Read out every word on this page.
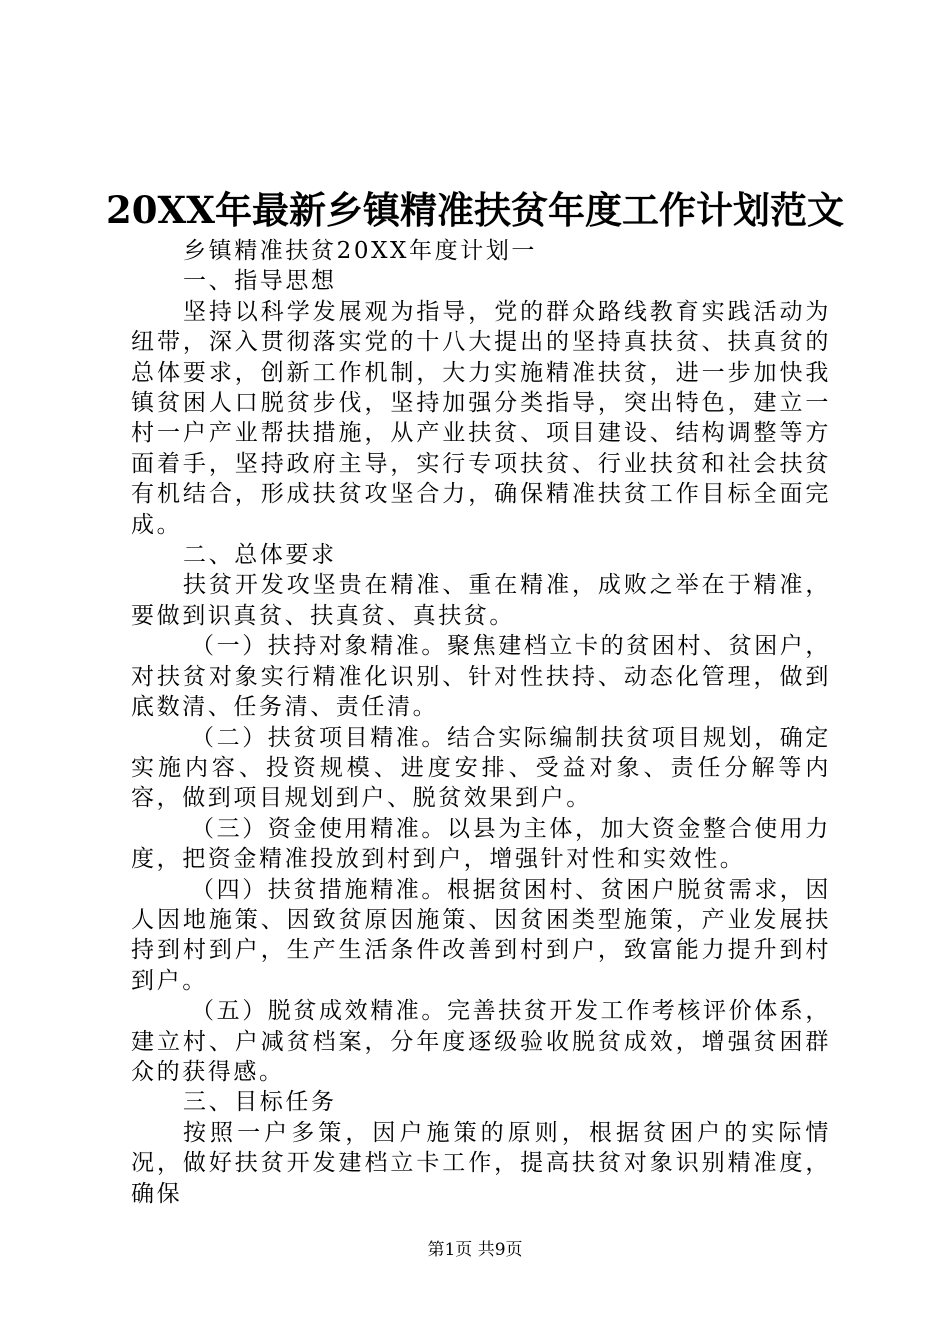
20XX年最新乡镇精准扶贫年度工作计划范文

乡镇精准扶贫20XX年度计划一

一、指导思想

坚持以科学发展观为指导，党的群众路线教育实践活动为纽带，深入贯彻落实党的十八大提出的坚持真扶贫、扶真贫的总体要求，创新工作机制，大力实施精准扶贫，进一步加快我镇贫困人口脱贫步伐，坚持加强分类指导，突出特色，建立一村一户产业帮扶措施，从产业扶贫、项目建设、结构调整等方面着手，坚持政府主导，实行专项扶贫、行业扶贫和社会扶贫有机结合，形成扶贫攻坚合力，确保精准扶贫工作目标全面完成。

二、总体要求

扶贫开发攻坚贵在精准、重在精准，成败之举在于精准，要做到识真贫、扶真贫、真扶贫。

（一）扶持对象精准。聚焦建档立卡的贫困村、贫困户，对扶贫对象实行精准化识别、针对性扶持、动态化管理，做到底数清、任务清、责任清。

（二）扶贫项目精准。结合实际编制扶贫项目规划，确定实施内容、投资规模、进度安排、受益对象、责任分解等内容，做到项目规划到户、脱贫效果到户。

（三）资金使用精准。以县为主体，加大资金整合使用力度，把资金精准投放到村到户，增强针对性和实效性。

（四）扶贫措施精准。根据贫困村、贫困户脱贫需求，因人因地施策、因致贫原因施策、因贫困类型施策，产业发展扶持到村到户，生产生活条件改善到村到户，致富能力提升到村到户。

（五）脱贫成效精准。完善扶贫开发工作考核评价体系，建立村、户减贫档案，分年度逐级验收脱贫成效，增强贫困群众的获得感。

三、目标任务

按照一户多策，因户施策的原则，根据贫困户的实际情况，做好扶贫开发建档立卡工作，提高扶贫对象识别精准度，确保

第1页 共9页
